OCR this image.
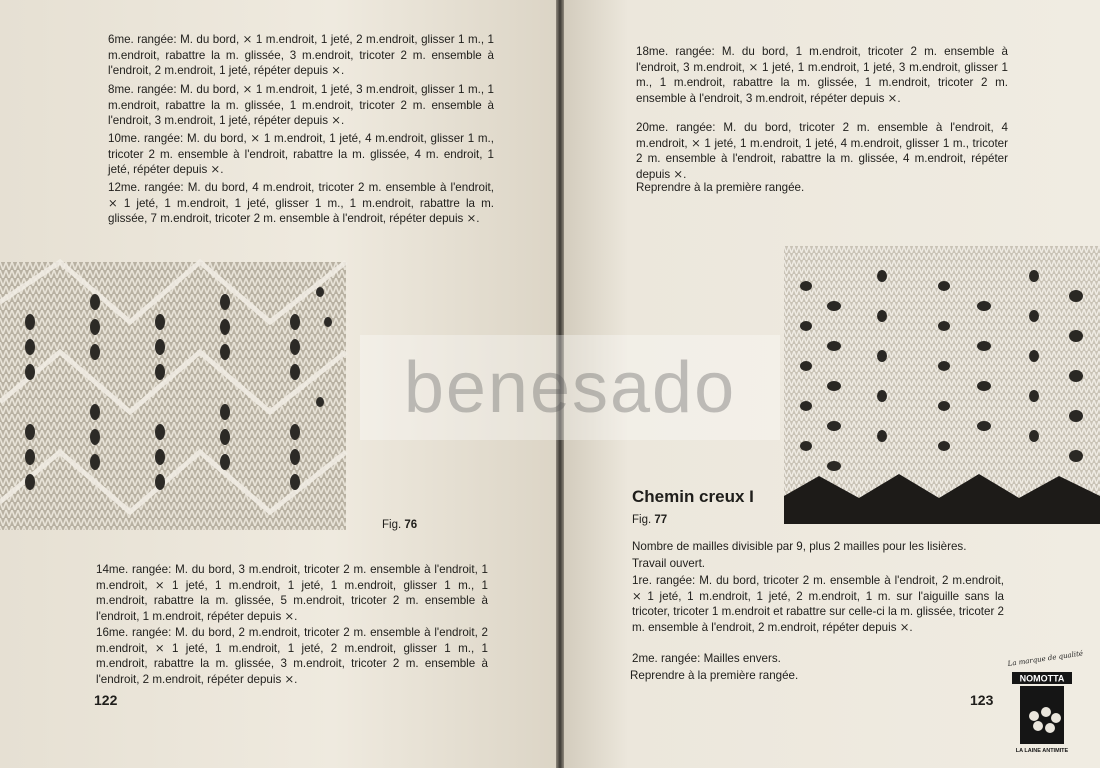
6me. rangée: M. du bord, ⨯ 1 m.endroit, 1 jeté, 2 m.endroit, glisser 1 m., 1 m.endroit, rabattre la m. glissée, 3 m.endroit, tricoter 2 m. ensemble à l'endroit, 2 m.endroit, 1 jeté, répéter depuis ⨯.

8me. rangée: M. du bord, ⨯ 1 m.endroit, 1 jeté, 3 m.endroit, glisser 1 m., 1 m.endroit, rabattre la m. glissée, 1 m.endroit, tricoter 2 m. ensemble à l'endroit, 3 m.endroit, 1 jeté, répéter depuis ⨯.

10me. rangée: M. du bord, ⨯ 1 m.endroit, 1 jeté, 4 m.endroit, glisser 1 m., tricoter 2 m. ensemble à l'endroit, rabattre la m. glissée, 4 m. endroit, 1 jeté, répéter depuis ⨯.

12me. rangée: M. du bord, 4 m.endroit, tricoter 2 m. ensemble à l'endroit, ⨯ 1 jeté, 1 m.endroit, 1 jeté, glisser 1 m., 1 m.endroit, rabattre la m. glissée, 7 m.endroit, tricoter 2 m. ensemble à l'endroit, répéter depuis ⨯.

Fig. 76

14me. rangée: M. du bord, 3 m.endroit, tricoter 2 m. ensemble à l'endroit, 1 m.endroit, ⨯ 1 jeté, 1 m.endroit, 1 jeté, 1 m.endroit, glisser 1 m., 1 m.endroit, rabattre la m. glissée, 5 m.endroit, tricoter 2 m. ensemble à l'endroit, 1 m.endroit, répéter depuis ⨯.

16me. rangée: M. du bord, 2 m.endroit, tricoter 2 m. ensemble à l'endroit, 2 m.endroit, ⨯ 1 jeté, 1 m.endroit, 1 jeté, 2 m.endroit, glisser 1 m., 1 m.endroit, rabattre la m. glissée, 3 m.endroit, tricoter 2 m. ensemble à l'endroit, 2 m.endroit, répéter depuis ⨯.

122

18me. rangée: M. du bord, 1 m.endroit, tricoter 2 m. ensemble à l'endroit, 3 m.endroit, ⨯ 1 jeté, 1 m.endroit, 1 jeté, 3 m.endroit, glisser 1 m., 1 m.endroit, rabattre la m. glissée, 1 m.endroit, tricoter 2 m. ensemble à l'endroit, 3 m.endroit, répéter depuis ⨯.

20me. rangée: M. du bord, tricoter 2 m. ensemble à l'endroit, 4 m.endroit, ⨯ 1 jeté, 1 m.endroit, 1 jeté, 4 m.endroit, glisser 1 m., tricoter 2 m. ensemble à l'endroit, rabattre la m. glissée, 4 m.endroit, répéter depuis ⨯.

Reprendre à la première rangée.

Chemin creux I
Fig. 77

Nombre de mailles divisible par 9, plus 2 mailles pour les lisières.

Travail ouvert.

1re. rangée: M. du bord, tricoter 2 m. ensemble à l'endroit, 2 m.endroit, ⨯ 1 jeté, 1 m.endroit, 1 jeté, 2 m.endroit, 1 m. sur l'aiguille sans la tricoter, tricoter 1 m.endroit et rabattre sur celle-ci la m. glissée, tricoter 2 m. ensemble à l'endroit, 2 m.endroit, répéter depuis ⨯.

2me. rangée: Mailles envers.

Reprendre à la première rangée.

123
La marque de qualité
NOMOTTA
LA LAINE ANTIMITE
benesado
